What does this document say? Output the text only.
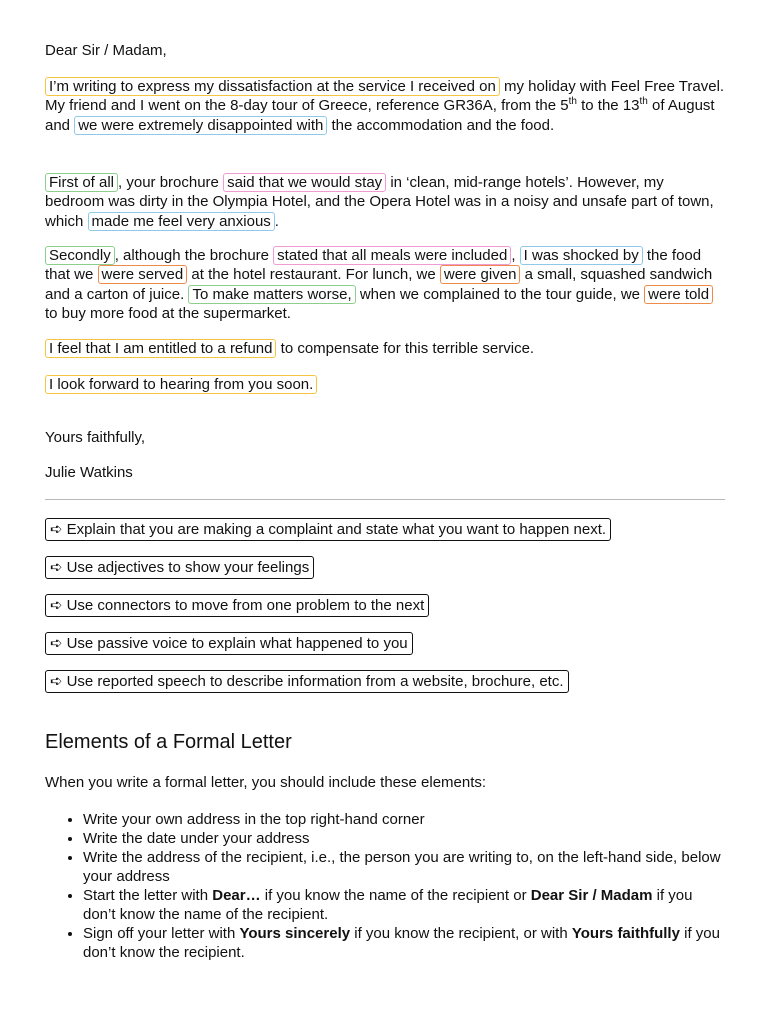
Dear Sir / Madam,
I’m writing to express my dissatisfaction at the service I received on my holiday with Feel Free Travel. My friend and I went on the 8-day tour of Greece, reference GR36A, from the 5th to the 13th of August and we were extremely disappointed with the accommodation and the food.
First of all , your brochure said that we would stay in ‘clean, mid-range hotels’. However, my bedroom was dirty in the Olympia Hotel, and the Opera Hotel was in a noisy and unsafe part of town, which made me feel very anxious .
Secondly , although the brochure stated that all meals were included , I was shocked by the food that we were served at the hotel restaurant. For lunch, we were given a small, squashed sandwich and a carton of juice. To make matters worse, when we complained to the tour guide, we were told to buy more food at the supermarket.
I feel that I am entitled to a refund to compensate for this terrible service.
I look forward to hearing from you soon.
Yours faithfully,
Julie Watkins
➪ Explain that you are making a complaint and state what you want to happen next.
➪ Use adjectives to show your feelings
➪ Use connectors to move from one problem to the next
➪ Use passive voice to explain what happened to you
➪ Use reported speech to describe information from a website, brochure, etc.
Elements of a Formal Letter
When you write a formal letter, you should include these elements:
• Write your own address in the top right-hand corner
• Write the date under your address
• Write the address of the recipient, i.e., the person you are writing to, on the left-hand side, below your address
• Start the letter with Dear… if you know the name of the recipient or Dear Sir / Madam if you don’t know the name of the recipient.
• Sign off your letter with Yours sincerely if you know the recipient, or with Yours faithfully if you don’t know the recipient.
